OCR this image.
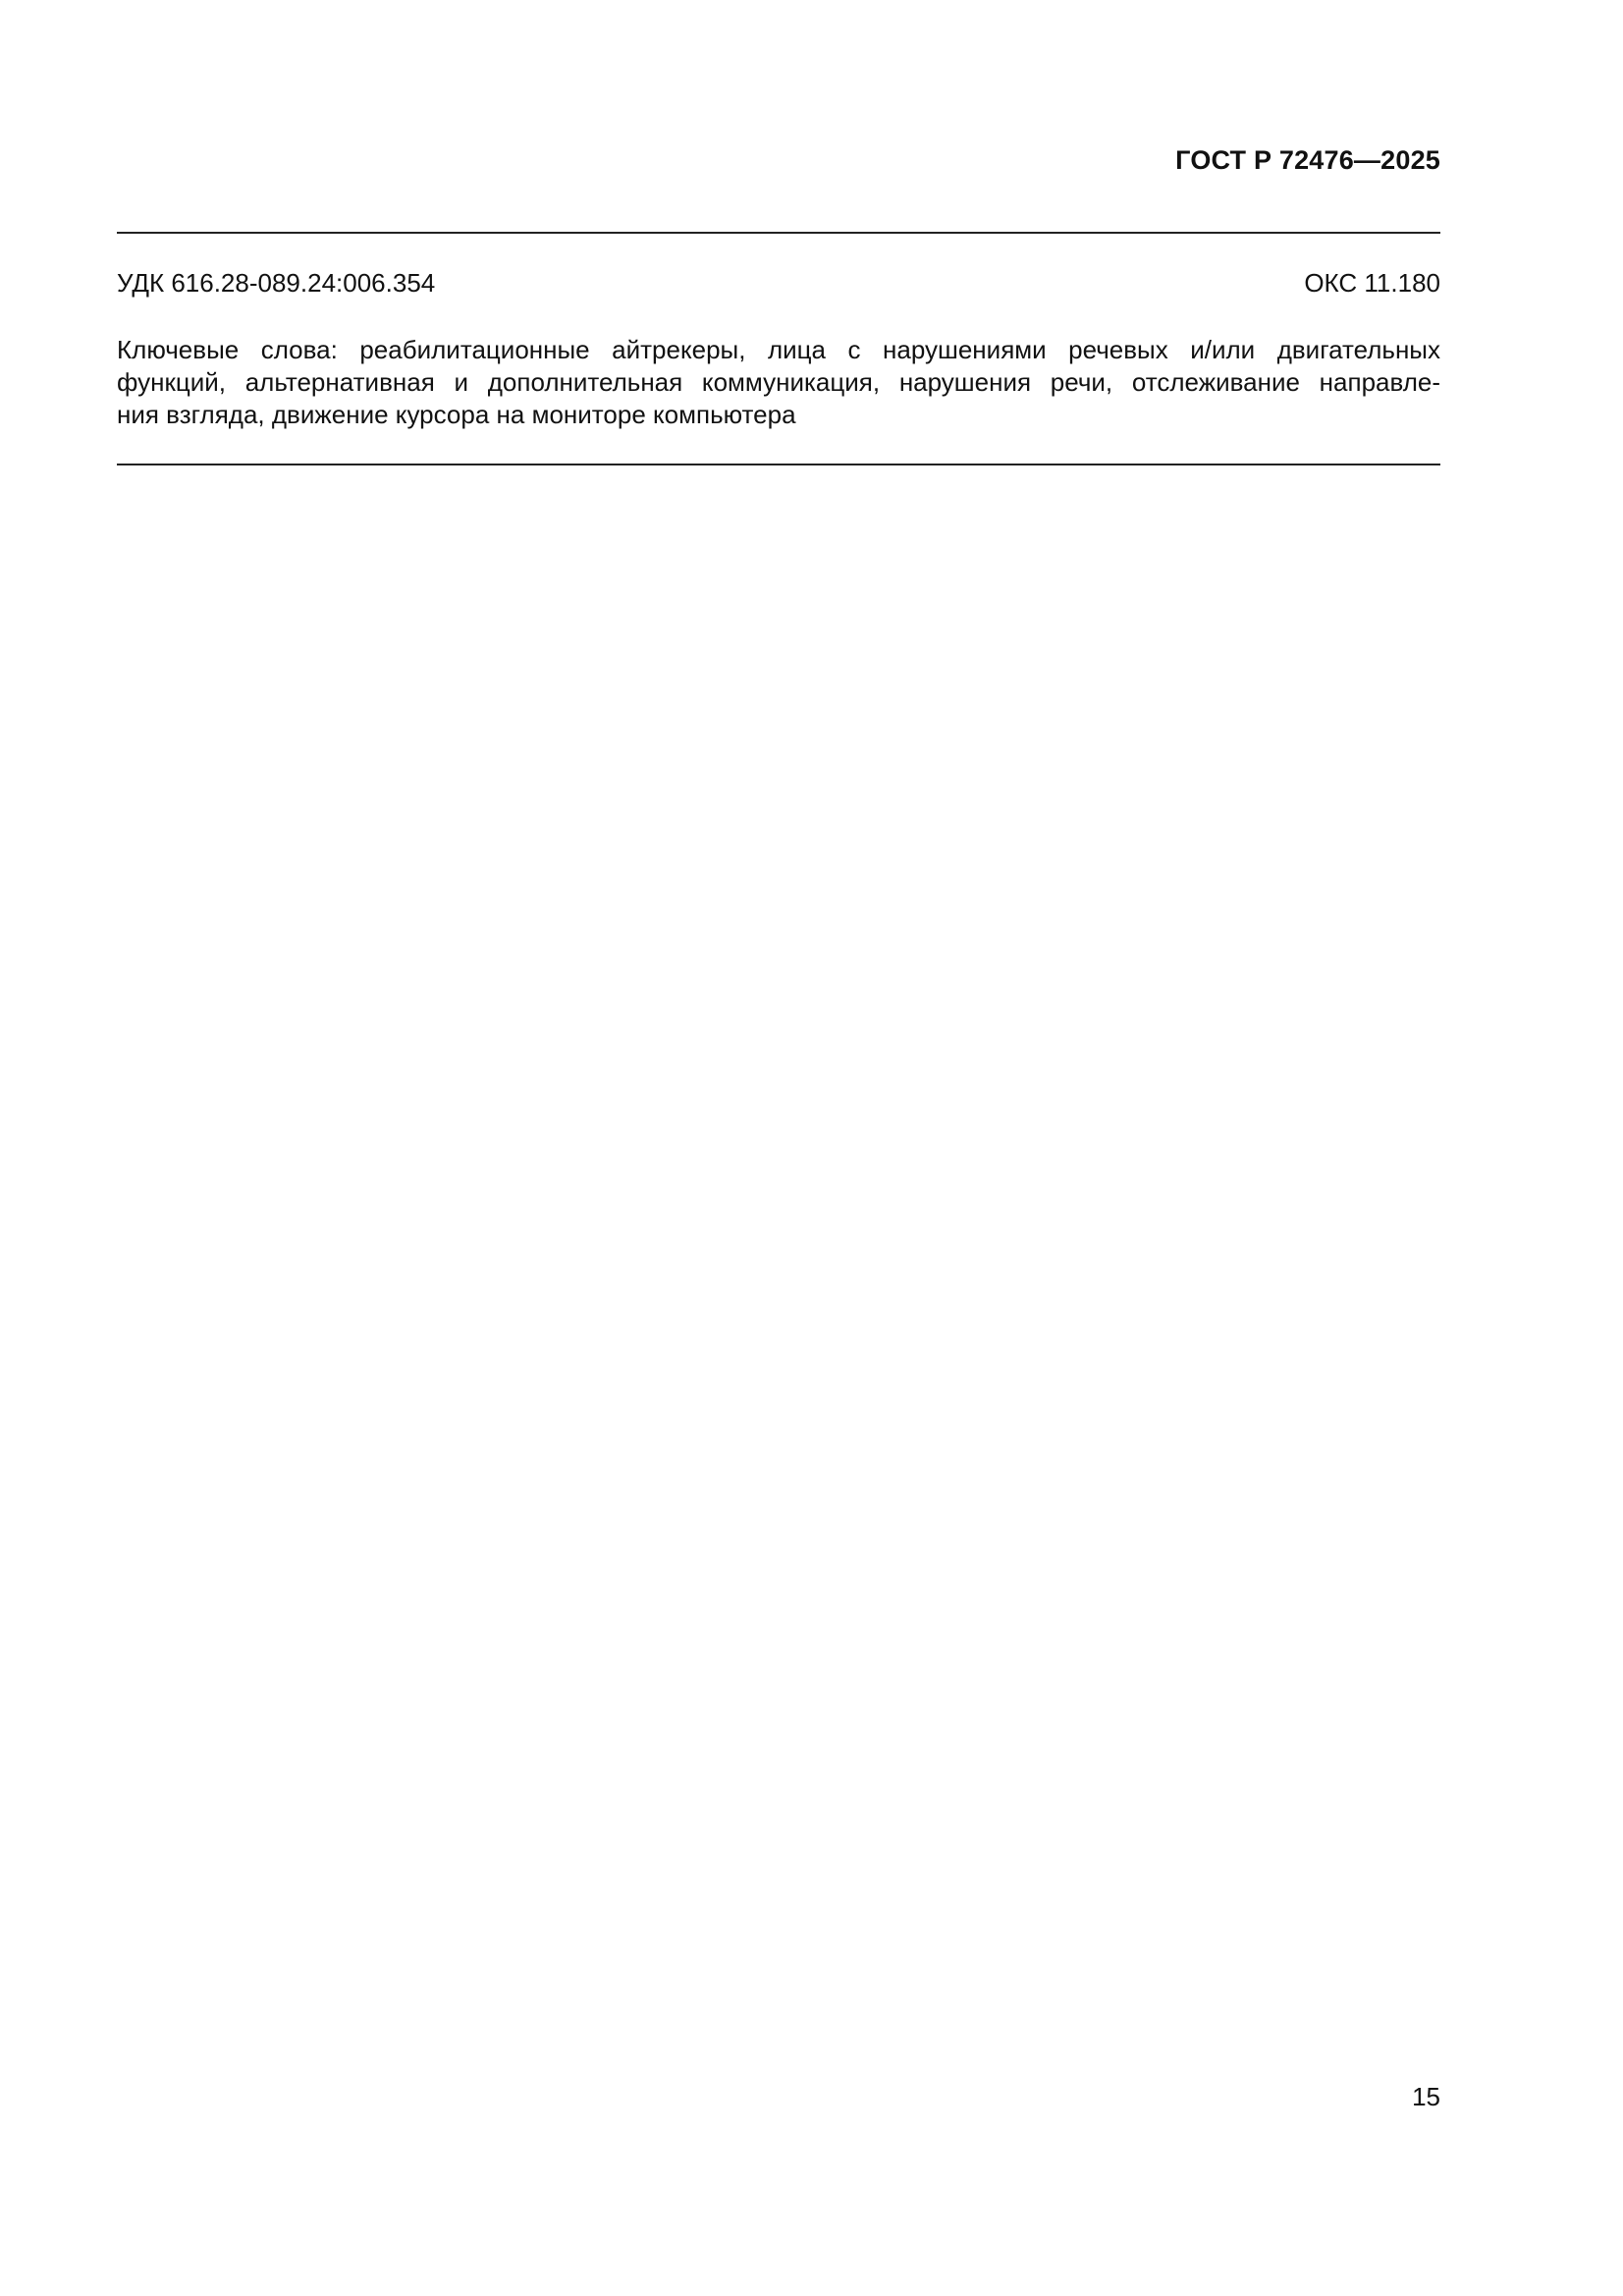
ГОСТ Р 72476—2025
УДК 616.28-089.24:006.354	ОКС 11.180
Ключевые слова: реабилитационные айтрекеры, лица с нарушениями речевых и/или двигательных
функций, альтернативная и дополнительная коммуникация, нарушения речи, отслеживание направле-
ния взгляда, движение курсора на мониторе компьютера
15
